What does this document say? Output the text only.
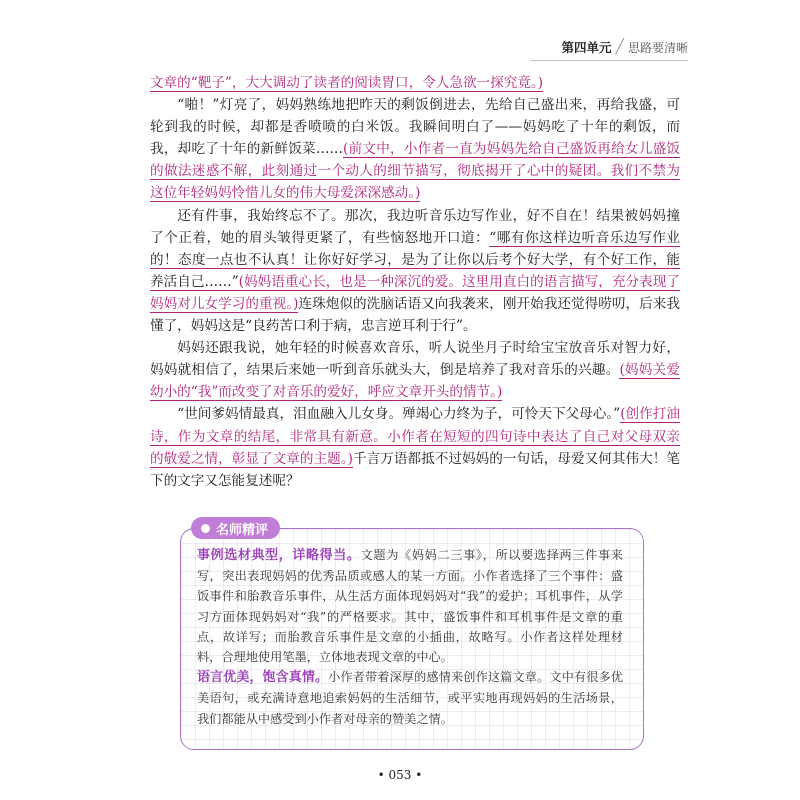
第四单元 ╱ 思路要清晰

文章的“靶子”，大大调动了读者的阅读胃口，令人急欲一探究竟。)

“啪！”灯亮了，妈妈熟练地把昨天的剩饭倒进去，先给自己盛出来，再给我盛，可轮到我的时候，却都是香喷喷的白米饭。我瞬间明白了——妈妈吃了十年的剩饭，而我，却吃了十年的新鲜饭菜……(前文中，小作者一直为妈妈先给自己盛饭再给女儿盛饭的做法迷惑不解，此刻通过一个动人的细节描写，彻底揭开了心中的疑团。我们不禁为这位年轻妈妈怜惜儿女的伟大母爱深深感动。)

还有件事，我始终忘不了。那次，我边听音乐边写作业，好不自在！结果被妈妈撞了个正着，她的眉头皱得更紧了，有些恼怒地开口道：“哪有你这样边听音乐边写作业的！态度一点也不认真！让你好好学习，是为了让你以后考个好大学，有个好工作，能养活自己……”(妈妈语重心长，也是一种深沉的爱。这里用直白的语言描写，充分表现了妈妈对儿女学习的重视。)连珠炮似的洗脑话语又向我袭来，刚开始我还觉得唠叨，后来我懂了，妈妈这是“良药苦口利于病，忠言逆耳利于行”。

妈妈还跟我说，她年轻的时候喜欢音乐，听人说坐月子时给宝宝放音乐对智力好，妈妈就相信了，结果后来她一听到音乐就头大，倒是培养了我对音乐的兴趣。(妈妈关爱幼小的“我”而改变了对音乐的爱好，呼应文章开头的情节。)

“世间爹妈情最真，泪血融入儿女身。殚竭心力终为子，可怜天下父母心。”(创作打油诗，作为文章的结尾，非常具有新意。小作者在短短的四句诗中表达了自己对父母双亲的敬爱之情，彰显了文章的主题。)千言万语都抵不过妈妈的一句话，母爱又何其伟大！笔下的文字又怎能复述呢？

名师精评

事例选材典型，详略得当。文题为《妈妈二三事》，所以要选择两三件事来写，突出表现妈妈的优秀品质或感人的某一方面。小作者选择了三个事件：盛饭事件和胎教音乐事件，从生活方面体现妈妈对“我”的爱护；耳机事件，从学习方面体现妈妈对“我”的严格要求。其中，盛饭事件和耳机事件是文章的重点，故详写；而胎教音乐事件是文章的小插曲，故略写。小作者这样处理材料，合理地使用笔墨，立体地表现文章的中心。

语言优美，饱含真情。小作者带着深厚的感情来创作这篇文章。文中有很多优美语句，或充满诗意地追索妈妈的生活细节，或平实地再现妈妈的生活场景，我们都能从中感受到小作者对母亲的赞美之情。

• 053 •
